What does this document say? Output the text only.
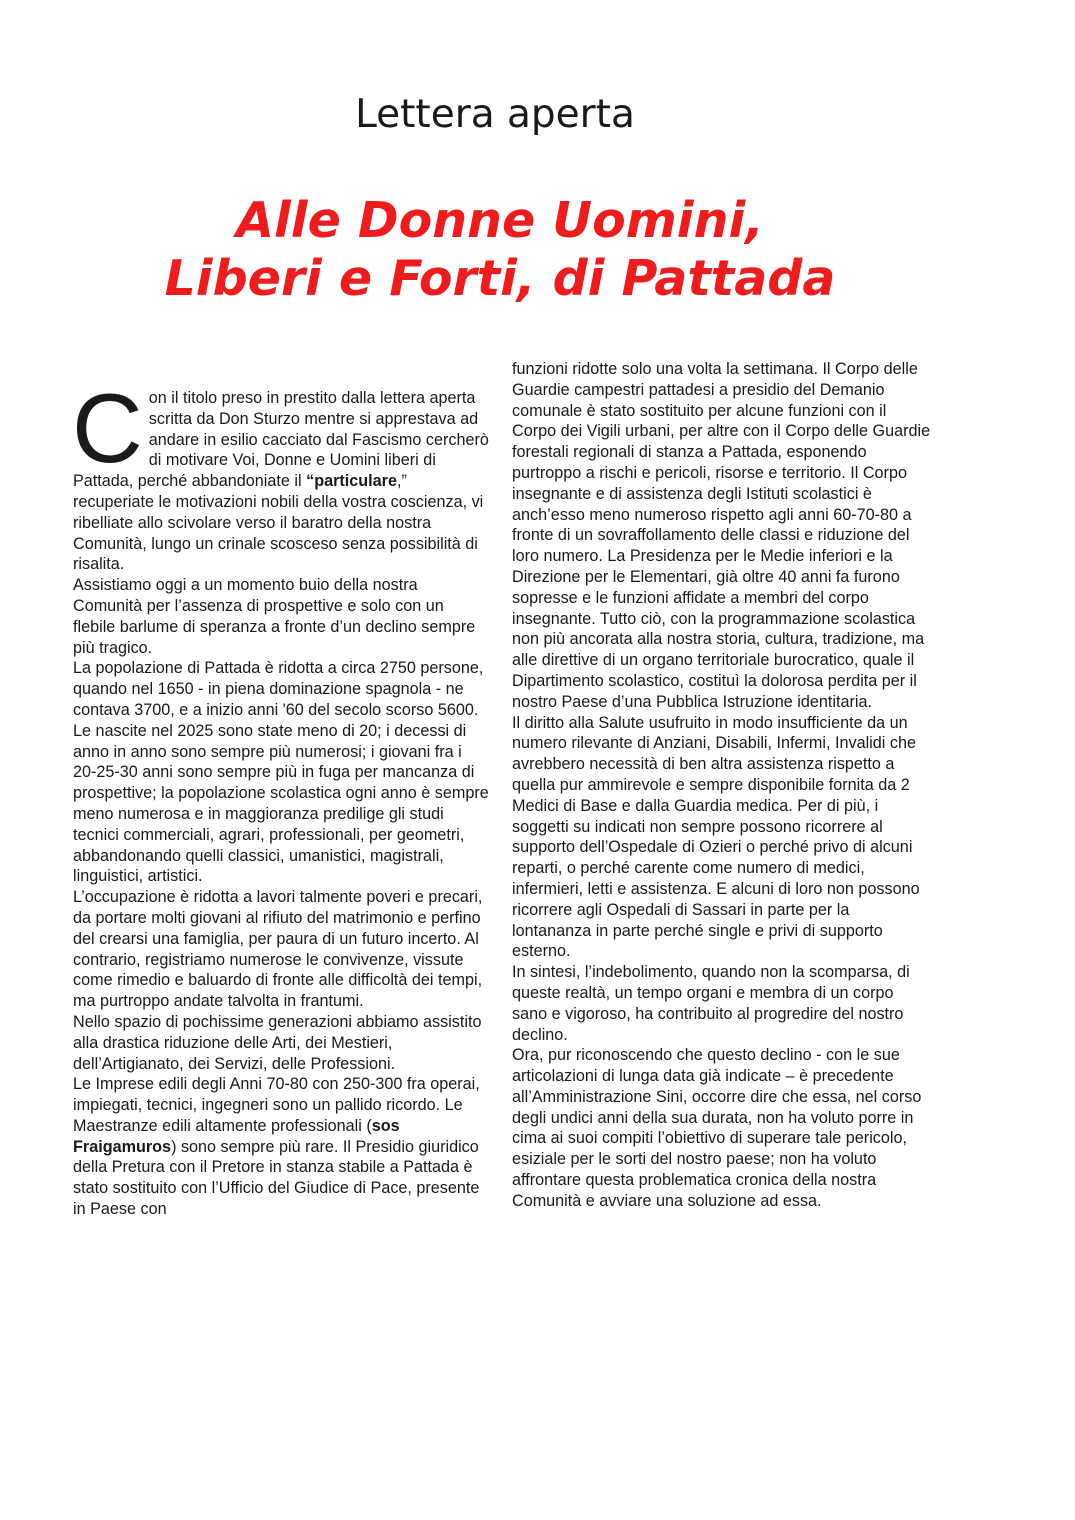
Lettera aperta
Alle Donne Uomini,
Liberi e Forti, di Pattada

Con il titolo preso in prestito dalla lettera aperta scritta da Don Sturzo mentre si apprestava ad andare in esilio cacciato dal Fascismo cercherò di motivare Voi, Donne e Uomini liberi di Pattada, perché abbandoniate il “particulare,” recuperiate le motivazioni nobili della vostra coscienza, vi ribelliate allo scivolare verso il baratro della nostra Comunità, lungo un crinale scosceso senza possibilità di risalita.

Assistiamo oggi a un momento buio della nostra Comunità per l’assenza di prospettive e solo con un flebile barlume di speranza a fronte d’un declino sempre più tragico.

La popolazione di Pattada è ridotta a circa 2750 persone, quando nel 1650 - in piena dominazione spagnola - ne contava 3700, e a inizio anni '60 del secolo scorso 5600. Le nascite nel 2025 sono state meno di 20; i decessi di anno in anno sono sempre più numerosi; i giovani fra i 20-25-30 anni sono sempre più in fuga per mancanza di prospettive; la popolazione scolastica ogni anno è sempre meno numerosa e in maggioranza predilige gli studi tecnici commerciali, agrari, professionali, per geometri, abbandonando quelli classici, umanistici, magistrali, linguistici, artistici.

L’occupazione è ridotta a lavori talmente poveri e precari, da portare molti giovani al rifiuto del matrimonio e perfino del crearsi una famiglia, per paura di un futuro incerto. Al contrario, registriamo numerose le convivenze, vissute come rimedio e baluardo di fronte alle difficoltà dei tempi, ma purtroppo andate talvolta in frantumi.

Nello spazio di pochissime generazioni abbiamo assistito alla drastica riduzione delle Arti, dei Mestieri, dell’Artigianato, dei Servizi, delle Professioni.

Le Imprese edili degli Anni 70-80 con 250-300 fra operai, impiegati, tecnici, ingegneri sono un pallido ricordo. Le Maestranze edili altamente professionali (sos Fraigamuros) sono sempre più rare. Il Presidio giuridico della Pretura con il Pretore in stanza stabile a Pattada è stato sostituito con l’Ufficio del Giudice di Pace, presente in Paese con

funzioni ridotte solo una volta la settimana. Il Corpo delle Guardie campestri pattadesi a presidio del Demanio comunale è stato sostituito per alcune funzioni con il Corpo dei Vigili urbani, per altre con il Corpo delle Guardie forestali regionali di stanza a Pattada, esponendo purtroppo a rischi e pericoli, risorse e territorio. Il Corpo insegnante e di assistenza degli Istituti scolastici è anch’esso meno numeroso rispetto agli anni 60-70-80 a fronte di un sovraffollamento delle classi e riduzione del loro numero. La Presidenza per le Medie inferiori e la Direzione per le Elementari, già oltre 40 anni fa furono sopresse e le funzioni affidate a membri del corpo insegnante. Tutto ciò, con la programmazione scolastica non più ancorata alla nostra storia, cultura, tradizione, ma alle direttive di un organo territoriale burocratico, quale il Dipartimento scolastico, costituì la dolorosa perdita per il nostro Paese d’una Pubblica Istruzione identitaria.

Il diritto alla Salute usufruito in modo insufficiente da un numero rilevante di Anziani, Disabili, Infermi, Invalidi che avrebbero necessità di ben altra assistenza rispetto a quella pur ammirevole e sempre disponibile fornita da 2 Medici di Base e dalla Guardia medica. Per di più, i soggetti su indicati non sempre possono ricorrere al supporto dell’Ospedale di Ozieri o perché privo di alcuni reparti, o perché carente come numero di medici, infermieri, letti e assistenza. E alcuni di loro non possono ricorrere agli Ospedali di Sassari in parte per la lontananza in parte perché single e privi di supporto esterno.

In sintesi, l’indebolimento, quando non la scomparsa, di queste realtà, un tempo organi e membra di un corpo sano e vigoroso, ha contribuito al progredire del nostro declino.

Ora, pur riconoscendo che questo declino - con le sue articolazioni di lunga data già indicate – è precedente all’Amministrazione Sini, occorre dire che essa, nel corso degli undici anni della sua durata, non ha voluto porre in cima ai suoi compiti l’obiettivo di superare tale pericolo, esiziale per le sorti del nostro paese; non ha voluto affrontare questa problematica cronica della nostra Comunità e avviare una soluzione ad essa.
